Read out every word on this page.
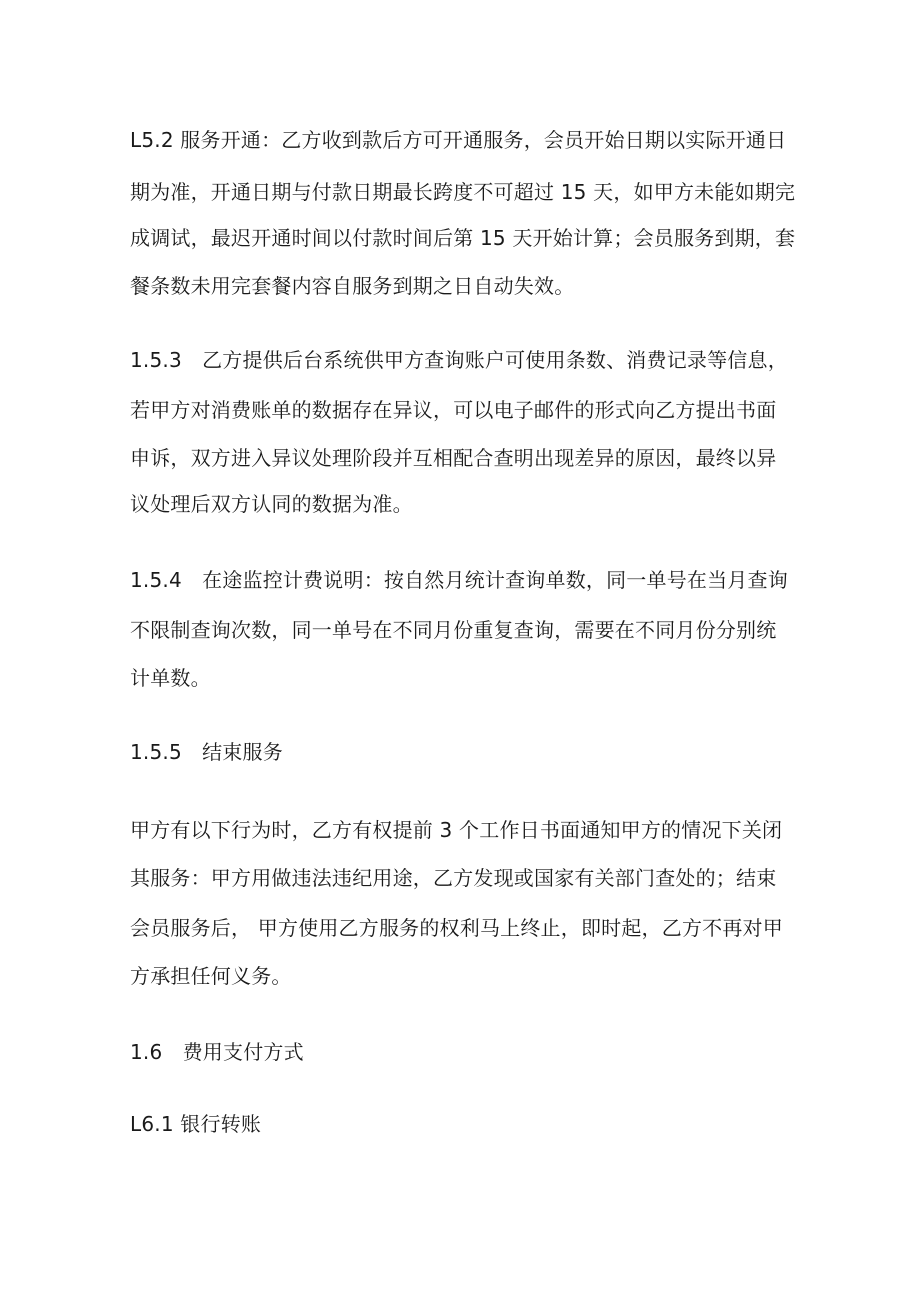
L5.2 服务开通：乙方收到款后方可开通服务，会员开始日期以实际开通日
期为准，开通日期与付款日期最长跨度不可超过 15 天，如甲方未能如期完
成调试，最迟开通时间以付款时间后第 15 天开始计算；会员服务到期，套
餐条数未用完套餐内容自服务到期之日自动失效。
1.5.3　乙方提供后台系统供甲方查询账户可使用条数、消费记录等信息，
若甲方对消费账单的数据存在异议，可以电子邮件的形式向乙方提出书面
申诉，双方进入异议处理阶段并互相配合查明出现差异的原因，最终以异
议处理后双方认同的数据为准。
1.5.4　在途监控计费说明：按自然月统计查询单数，同一单号在当月查询
不限制查询次数，同一单号在不同月份重复查询，需要在不同月份分别统
计单数。
1.5.5　结束服务
甲方有以下行为时，乙方有权提前 3 个工作日书面通知甲方的情况下关闭
其服务：甲方用做违法违纪用途，乙方发现或国家有关部门查处的；结束
会员服务后， 甲方使用乙方服务的权利马上终止，即时起，乙方不再对甲
方承担任何义务。
1.6　费用支付方式
L6.1 银行转账
